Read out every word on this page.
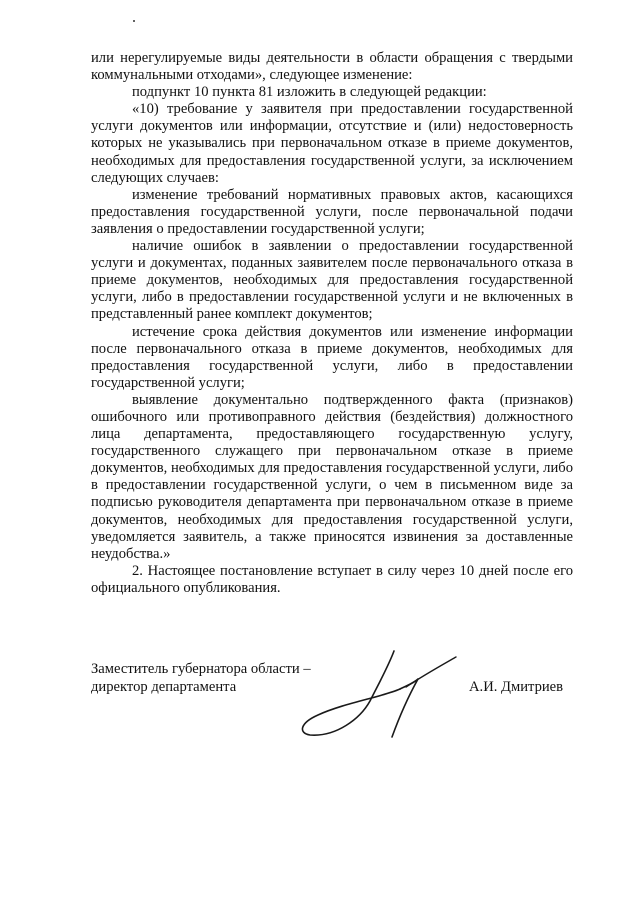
или нерегулируемые виды деятельности в области обращения с твердыми коммунальными отходами», следующее изменение:

подпункт 10 пункта 81 изложить в следующей редакции:

«10) требование у заявителя при предоставлении государственной услуги документов или информации, отсутствие и (или) недостоверность которых не указывались при первоначальном отказе в приеме документов, необходимых для предоставления государственной услуги, за исключением следующих случаев:

изменение требований нормативных правовых актов, касающихся предоставления государственной услуги, после первоначальной подачи заявления о предоставлении государственной услуги;

наличие ошибок в заявлении о предоставлении государственной услуги и документах, поданных заявителем после первоначального отказа в приеме документов, необходимых для предоставления государственной услуги, либо в предоставлении государственной услуги и не включенных в представленный ранее комплект документов;

истечение срока действия документов или изменение информации после первоначального отказа в приеме документов, необходимых для предоставления государственной услуги, либо в предоставлении государственной услуги;

выявление документально подтвержденного факта (признаков) ошибочного или противоправного действия (бездействия) должностного лица департамента, предоставляющего государственную услугу, государственного служащего при первоначальном отказе в приеме документов, необходимых для предоставления государственной услуги, либо в предоставлении государственной услуги, о чем в письменном виде за подписью руководителя департамента при первоначальном отказе в приеме документов, необходимых для предоставления государственной услуги, уведомляется заявитель, а также приносятся извинения за доставленные неудобства.»

2. Настоящее постановление вступает в силу через 10 дней после его официального опубликования.

Заместитель губернатора области –
директор департамента	А.И. Дмитриев
